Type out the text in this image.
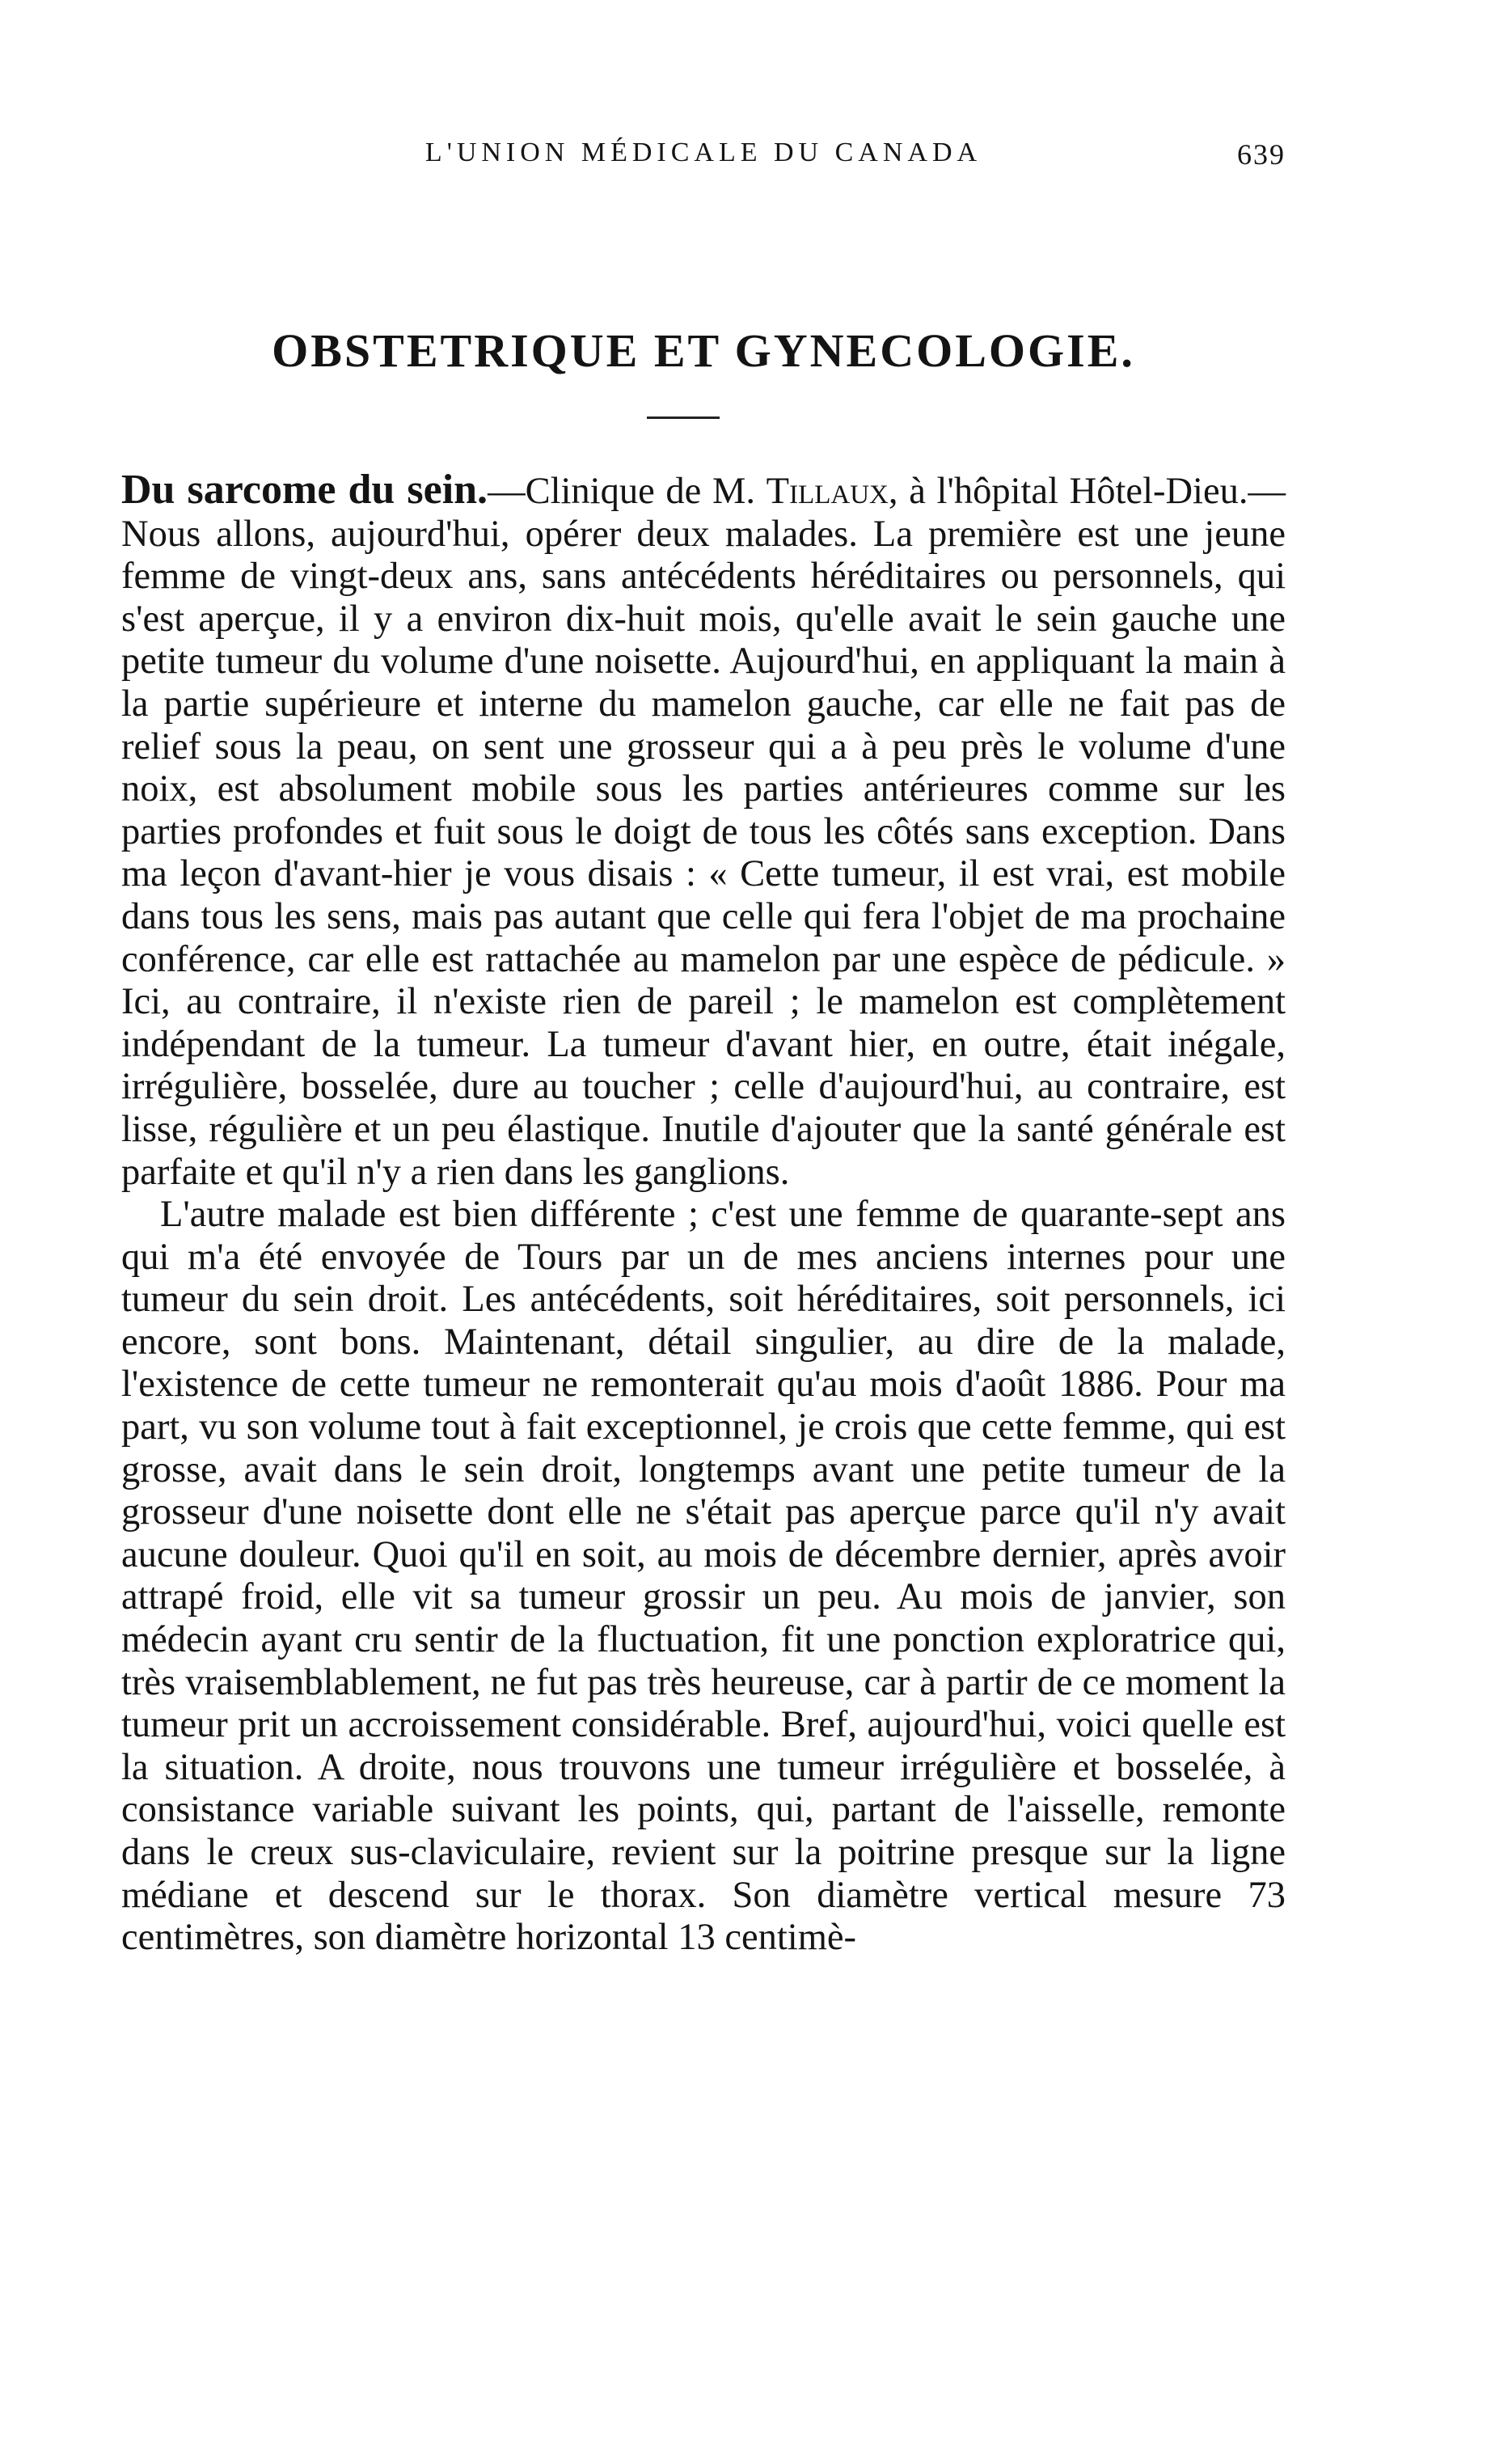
L'UNION MÉDICALE DU CANADA	639
OBSTETRIQUE ET GYNECOLOGIE.

Du sarcome du sein.—Clinique de M. Tillaux, à l'hôpital Hôtel-Dieu.—Nous allons, aujourd'hui, opérer deux malades. La première est une jeune femme de vingt-deux ans, sans antécédents héréditaires ou personnels, qui s'est aperçue, il y a environ dix-huit mois, qu'elle avait le sein gauche une petite tumeur du volume d'une noisette. Aujourd'hui, en appliquant la main à la partie supérieure et interne du mamelon gauche, car elle ne fait pas de relief sous la peau, on sent une grosseur qui a à peu près le volume d'une noix, est absolument mobile sous les parties antérieures comme sur les parties profondes et fuit sous le doigt de tous les côtés sans exception. Dans ma leçon d'avant-hier je vous disais : « Cette tumeur, il est vrai, est mobile dans tous les sens, mais pas autant que celle qui fera l'objet de ma prochaine conférence, car elle est rattachée au mamelon par une espèce de pédicule. » Ici, au contraire, il n'existe rien de pareil ; le mamelon est complètement indépendant de la tumeur. La tumeur d'avant hier, en outre, était inégale, irrégulière, bosselée, dure au toucher ; celle d'aujourd'hui, au contraire, est lisse, régulière et un peu élastique. Inutile d'ajouter que la santé générale est parfaite et qu'il n'y a rien dans les ganglions.

L'autre malade est bien différente ; c'est une femme de quarante-sept ans qui m'a été envoyée de Tours par un de mes anciens internes pour une tumeur du sein droit. Les antécédents, soit héréditaires, soit personnels, ici encore, sont bons. Maintenant, détail singulier, au dire de la malade, l'existence de cette tumeur ne remonterait qu'au mois d'août 1886. Pour ma part, vu son volume tout à fait exceptionnel, je crois que cette femme, qui est grosse, avait dans le sein droit, longtemps avant une petite tumeur de la grosseur d'une noisette dont elle ne s'était pas aperçue parce qu'il n'y avait aucune douleur. Quoi qu'il en soit, au mois de décembre dernier, après avoir attrapé froid, elle vit sa tumeur grossir un peu. Au mois de janvier, son médecin ayant cru sentir de la fluctuation, fit une ponction exploratrice qui, très vraisemblablement, ne fut pas très heureuse, car à partir de ce moment la tumeur prit un accroissement considérable. Bref, aujourd'hui, voici quelle est la situation. A droite, nous trouvons une tumeur irrégulière et bosselée, à consistance variable suivant les points, qui, partant de l'aisselle, remonte dans le creux sus-claviculaire, revient sur la poitrine presque sur la ligne médiane et descend sur le thorax. Son diamètre vertical mesure 73 centimètres, son diamètre horizontal 13 centimè-
